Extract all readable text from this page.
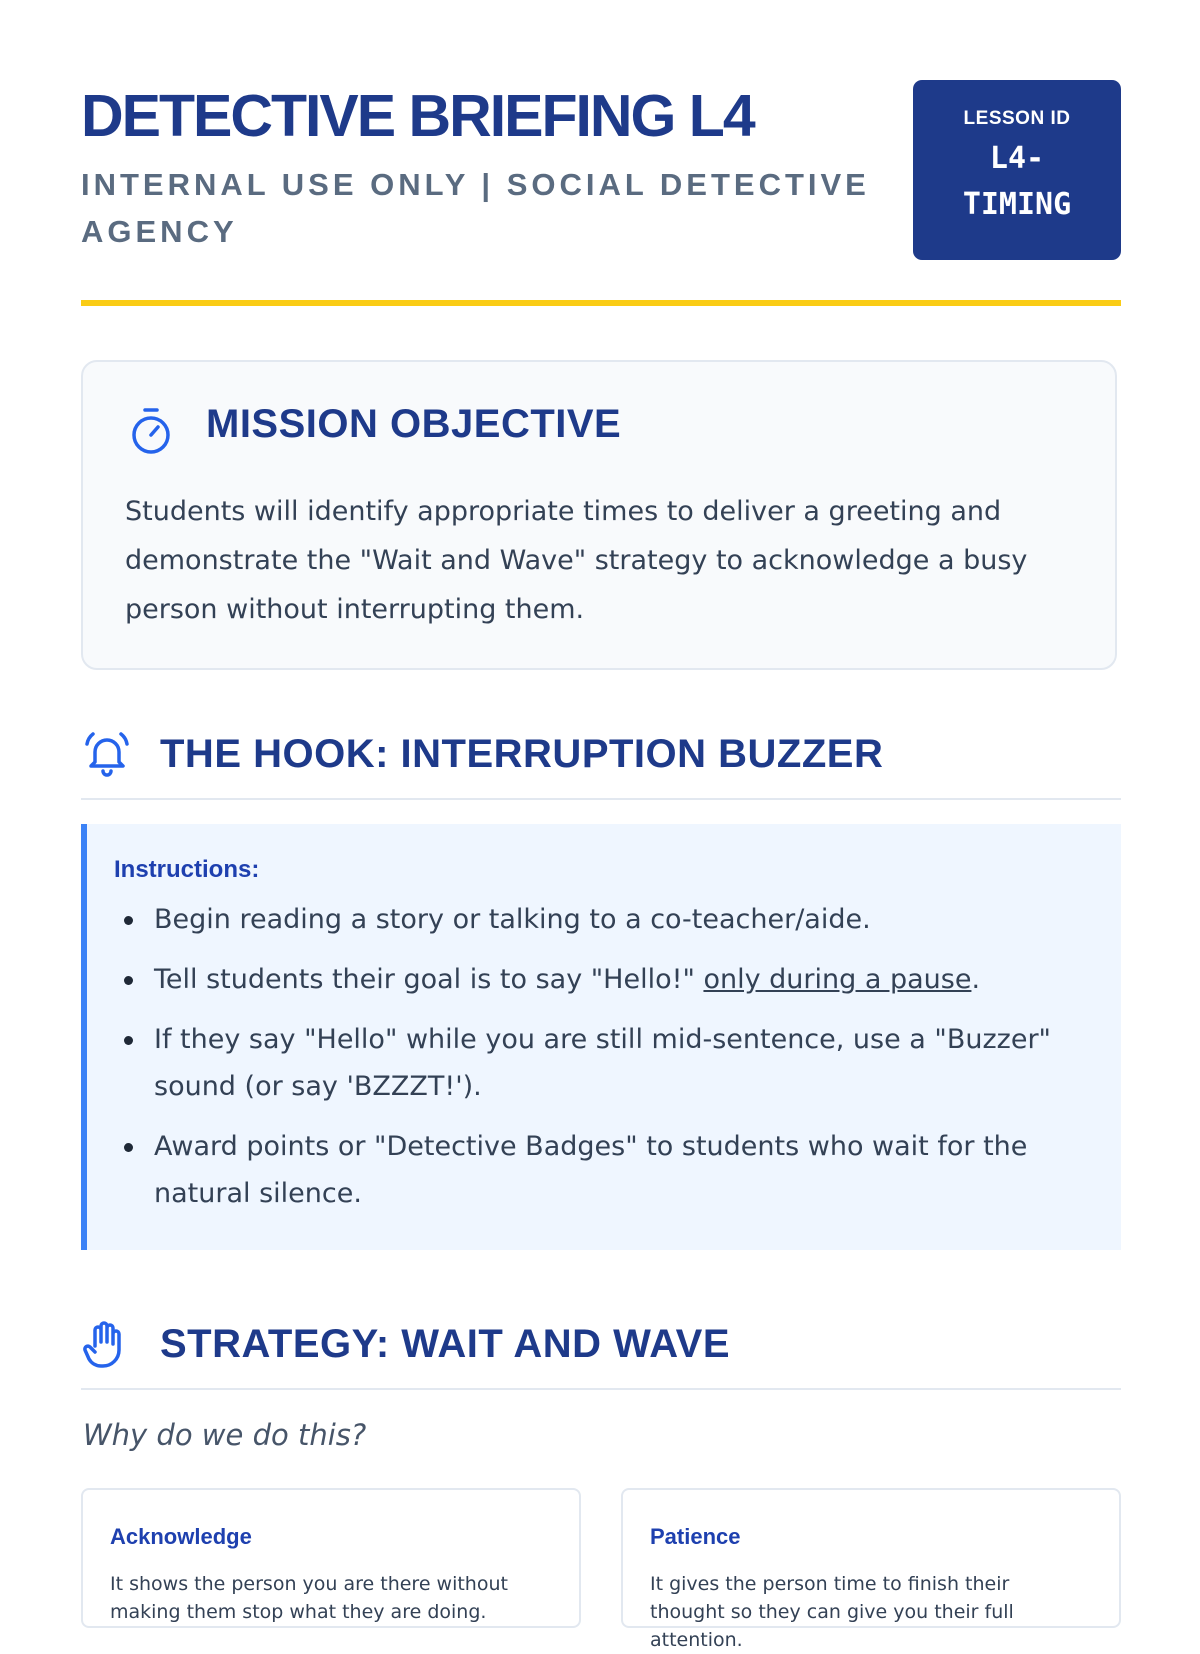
DETECTIVE BRIEFING L4
INTERNAL USE ONLY | SOCIAL DETECTIVE AGENCY
LESSON ID
L4-TIMING
MISSION OBJECTIVE
Students will identify appropriate times to deliver a greeting and demonstrate the "Wait and Wave" strategy to acknowledge a busy person without interrupting them.
THE HOOK: INTERRUPTION BUZZER
Instructions:
Begin reading a story or talking to a co-teacher/aide.
Tell students their goal is to say "Hello!" only during a pause.
If they say "Hello" while you are still mid-sentence, use a "Buzzer" sound (or say 'BZZZT!').
Award points or "Detective Badges" to students who wait for the natural silence.
STRATEGY: WAIT AND WAVE
Why do we do this?
Acknowledge
It shows the person you are there without making them stop what they are doing.
Patience
It gives the person time to finish their thought so they can give you their full attention.
